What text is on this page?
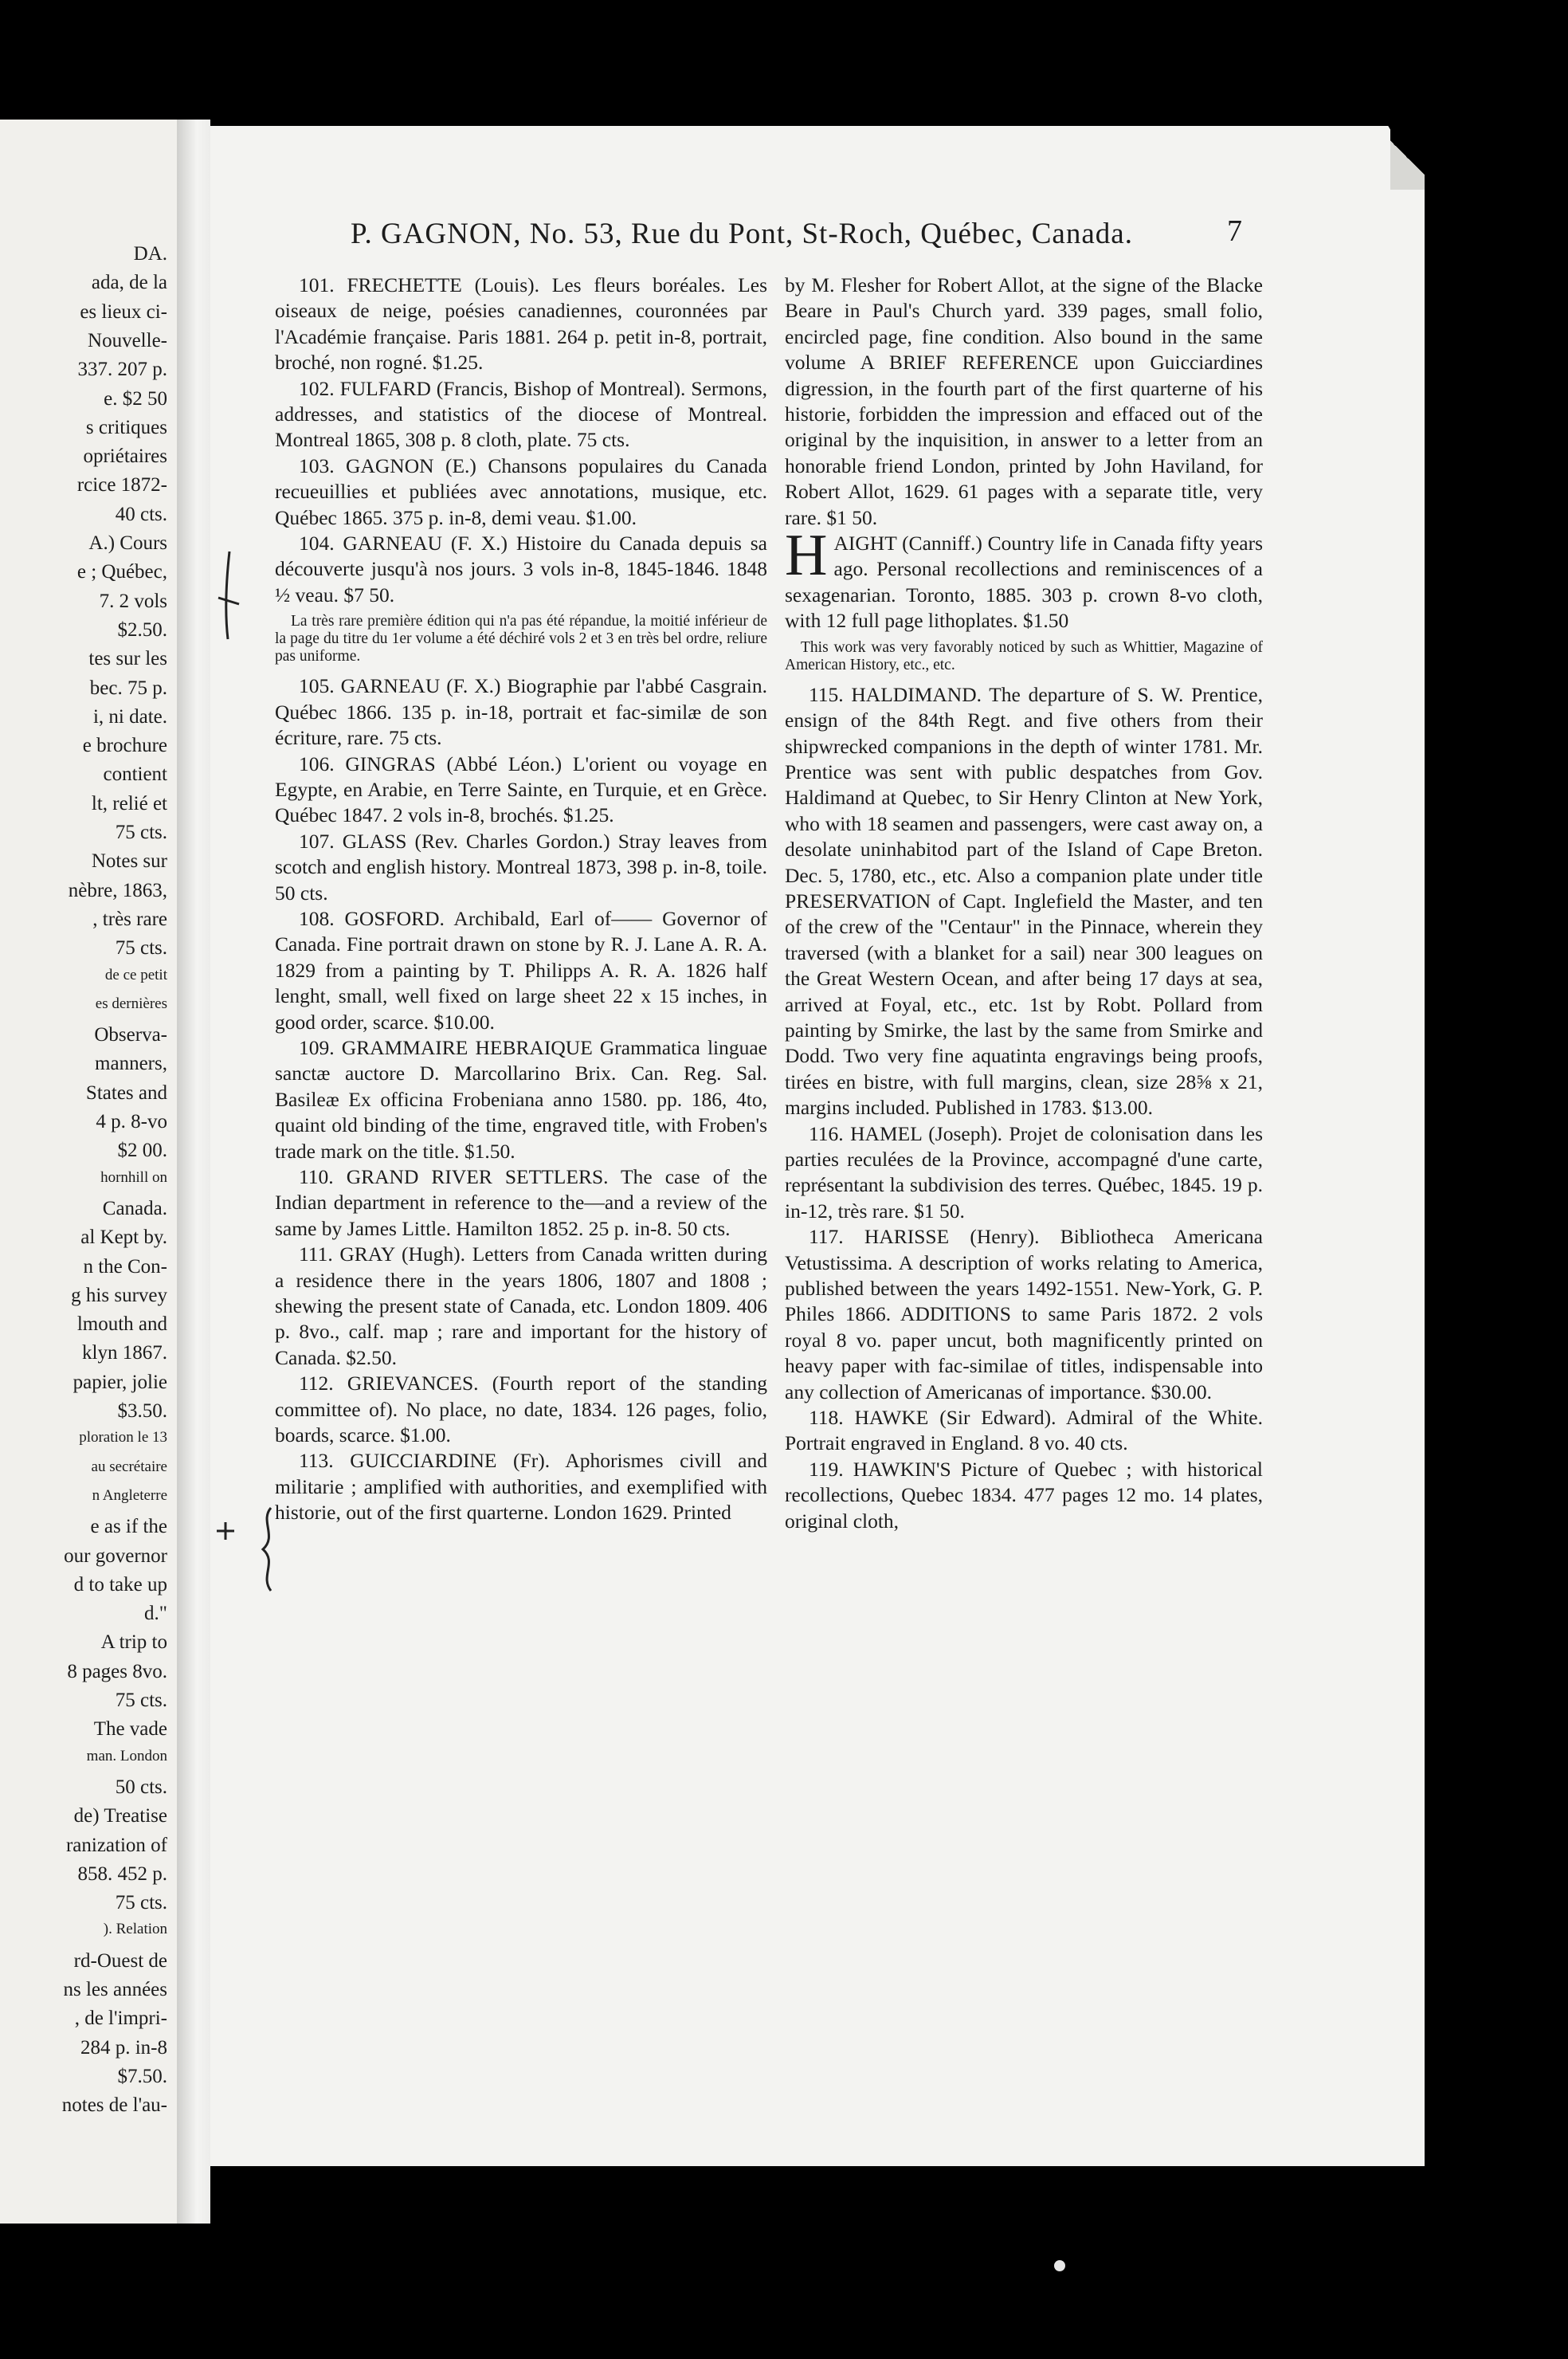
DA.
ada, de la
es lieux ci-
Nouvelle-
337. 207 p.
e. $2 50
s critiques
opriétaires
rcice 1872-
40 cts.
A.) Cours
e ; Québec,
7. 2 vols
$2.50.
tes sur les
bec. 75 p.
i, ni date.
e brochure
contient
lt, relié et
75 cts.
Notes sur
nèbre, 1863,
, très rare
75 cts.
de ce petit
es dernières
Observa-
manners,
States and
4 p. 8-vo
$2 00.
hornhill on
Canada.
al Kept by.
n the Con-
g his survey
lmouth and
klyn 1867.
papier, jolie
$3.50.
ploration le 13
au secrétaire
n Angleterre
e as if the
our governor
d to take up
d."
A trip to
8 pages 8vo.
75 cts.
The vade
man. London
50 cts.
de) Treatise
ranization of
858. 452 p.
75 cts.
). Relation
rd-Ouest de
ns les années
, de l'impri-
284 p. in-8
$7.50.
notes de l'au-
P. GAGNON, No. 53, Rue du Pont, St-Roch, Québec, Canada.	7

101. FRECHETTE (Louis). Les fleurs boréales. Les oiseaux de neige, poésies canadiennes, couronnées par l'Académie française. Paris 1881. 264 p. petit in-8, portrait, broché, non rogné. $1.25.

102. FULFARD (Francis, Bishop of Montreal). Sermons, addresses, and statistics of the diocese of Montreal. Montreal 1865, 308 p. 8 cloth, plate. 75 cts.

103. GAGNON (E.) Chansons populaires du Canada recueuillies et publiées avec annotations, musique, etc. Québec 1865. 375 p. in-8, demi veau. $1.00.

104. GARNEAU (F. X.) Histoire du Canada depuis sa découverte jusqu'à nos jours. 3 vols in-8, 1845-1846. 1848 ½ veau. $7 50.

La très rare première édition qui n'a pas été répandue, la moitié inférieur de la page du titre du 1er volume a été déchiré vols 2 et 3 en très bel ordre, reliure pas uniforme.

105. GARNEAU (F. X.) Biographie par l'abbé Casgrain. Québec 1866. 135 p. in-18, portrait et fac-similæ de son écriture, rare. 75 cts.

106. GINGRAS (Abbé Léon.) L'orient ou voyage en Egypte, en Arabie, en Terre Sainte, en Turquie, et en Grèce. Québec 1847. 2 vols in-8, brochés. $1.25.

107. GLASS (Rev. Charles Gordon.) Stray leaves from scotch and english history. Montreal 1873, 398 p. in-8, toile. 50 cts.

108. GOSFORD. Archibald, Earl of—— Governor of Canada. Fine portrait drawn on stone by R. J. Lane A. R. A. 1829 from a painting by T. Philipps A. R. A. 1826 half lenght, small, well fixed on large sheet 22 x 15 inches, in good order, scarce. $10.00.

109. GRAMMAIRE HEBRAIQUE Grammatica linguae sanctæ auctore D. Marcollarino Brix. Can. Reg. Sal. Basileæ Ex officina Frobeniana anno 1580. pp. 186, 4to, quaint old binding of the time, engraved title, with Froben's trade mark on the title. $1.50.

110. GRAND RIVER SETTLERS. The case of the Indian department in reference to the—and a review of the same by James Little. Hamilton 1852. 25 p. in-8. 50 cts.

111. GRAY (Hugh). Letters from Canada written during a residence there in the years 1806, 1807 and 1808 ; shewing the present state of Canada, etc. London 1809. 406 p. 8vo., calf. map ; rare and important for the history of Canada. $2.50.

112. GRIEVANCES. (Fourth report of the standing committee of). No place, no date, 1834. 126 pages, folio, boards, scarce. $1.00.

113. GUICCIARDINE (Fr). Aphorismes civill and militarie ; amplified with authorities, and exemplified with historie, out of the first quarterne. London 1629. Printed

by M. Flesher for Robert Allot, at the signe of the Blacke Beare in Paul's Church yard. 339 pages, small folio, encircled page, fine condition. Also bound in the same volume A BRIEF REFERENCE upon Guicciardines digression, in the fourth part of the first quarterne of his historie, forbidden the impression and effaced out of the original by the inquisition, in answer to a letter from an honorable friend London, printed by John Haviland, for Robert Allot, 1629. 61 pages with a separate title, very rare. $1 50.

HAIGHT (Canniff.) Country life in Canada fifty years ago. Personal recollections and reminiscences of a sexagenarian. Toronto, 1885. 303 p. crown 8-vo cloth, with 12 full page lithoplates. $1.50

This work was very favorably noticed by such as Whittier, Magazine of American History, etc., etc.

115. HALDIMAND. The departure of S. W. Prentice, ensign of the 84th Regt. and five others from their shipwrecked companions in the depth of winter 1781. Mr. Prentice was sent with public despatches from Gov. Haldimand at Quebec, to Sir Henry Clinton at New York, who with 18 seamen and passengers, were cast away on, a desolate uninhabitod part of the Island of Cape Breton. Dec. 5, 1780, etc., etc. Also a companion plate under title PRESERVATION of Capt. Inglefield the Master, and ten of the crew of the "Centaur" in the Pinnace, wherein they traversed (with a blanket for a sail) near 300 leagues on the Great Western Ocean, and after being 17 days at sea, arrived at Foyal, etc., etc. 1st by Robt. Pollard from painting by Smirke, the last by the same from Smirke and Dodd. Two very fine aquatinta engravings being proofs, tirées en bistre, with full margins, clean, size 28⅝ x 21, margins included. Published in 1783. $13.00.

116. HAMEL (Joseph). Projet de colonisation dans les parties reculées de la Province, accompagné d'une carte, représentant la subdivision des terres. Québec, 1845. 19 p. in-12, très rare. $1 50.

117. HARISSE (Henry). Bibliotheca Americana Vetustissima. A description of works relating to America, published between the years 1492-1551. New-York, G. P. Philes 1866. ADDITIONS to same Paris 1872. 2 vols royal 8 vo. paper uncut, both magnificently printed on heavy paper with fac-similae of titles, indispensable into any collection of Americanas of importance. $30.00.

118. HAWKE (Sir Edward). Admiral of the White. Portrait engraved in England. 8 vo. 40 cts.

119. HAWKIN'S Picture of Quebec ; with historical recollections, Quebec 1834. 477 pages 12 mo. 14 plates, original cloth,
